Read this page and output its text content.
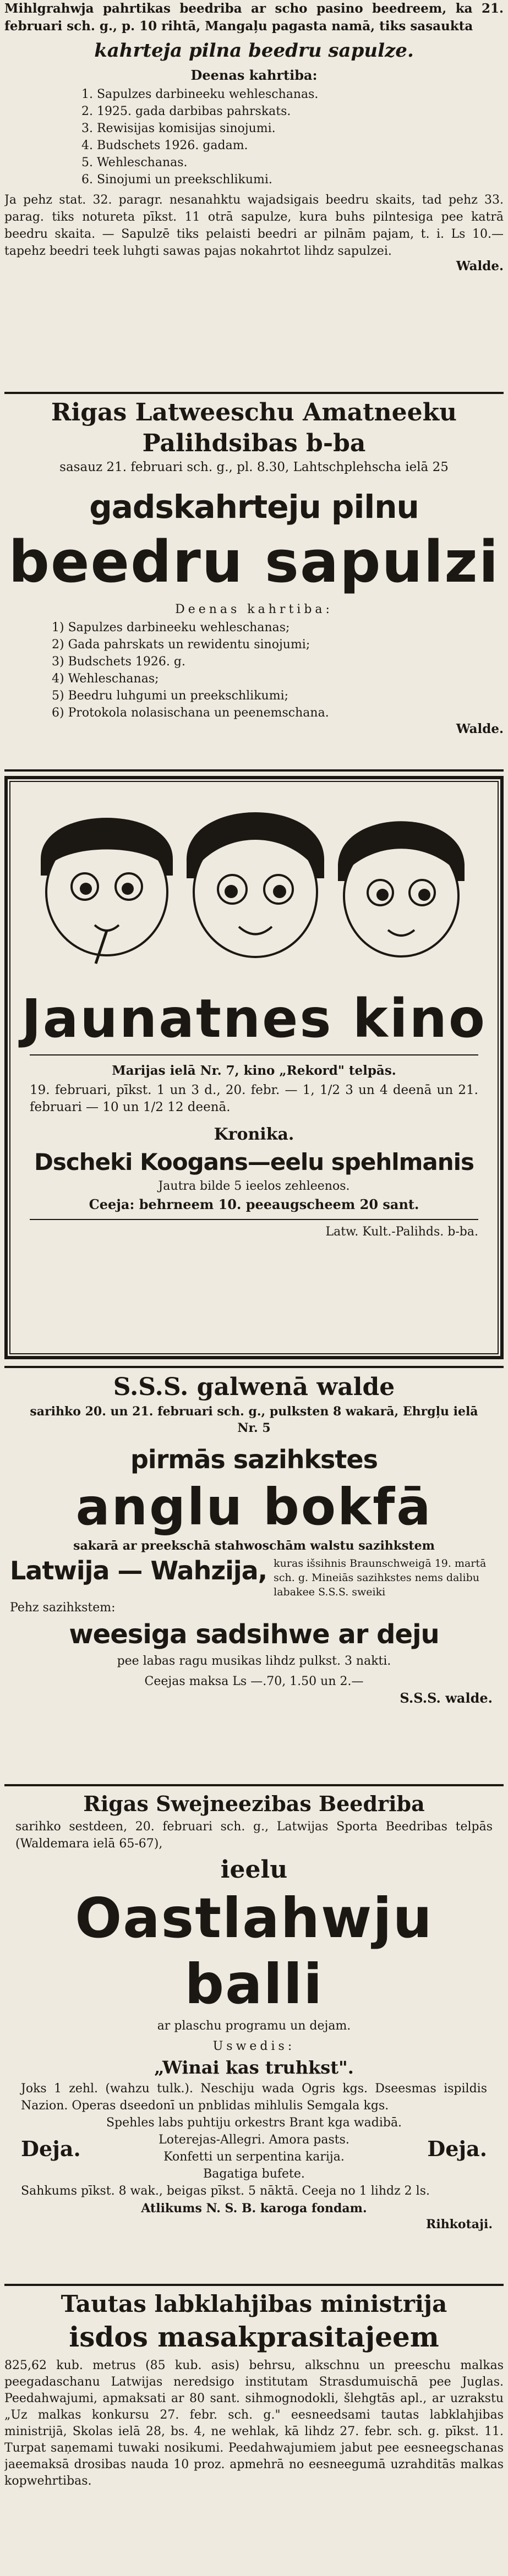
Mihlgrahwja pahrtikas beedriba ar scho pasino beedreem, ka 21. februari sch. g., p. 10 rihtā, Mangaļu pagasta namā, tiks sasaukta
kahrteja pilna beedru sapulze.
Deenas kahrtiba:
1. Sapulzes darbineeku wehleschanas.
2. 1925. gada darbibas pahrskats.
3. Rewisijas komisijas sinojumi.
4. Budschets 1926. gadam.
5. Wehleschanas.
6. Sinojumi un preekschlikumi.
Ja pehz stat. 32. paragr. nesanahktu wajadsigais beedru skaits, tad pehz 33. parag. tiks notureta pīkst. 11 otrā sapulze, kura buhs pilntesiga pee katrā beedru skaita. — Sapulzē tiks pelaisti beedri ar pilnām pajam, t. i. Ls 10.— tapehz beedri teek luhgti sawas pajas nokahrtot lihdz sapulzei.
Walde.
Rigas Latweeschu Amatneeku Palihdsibas b-ba
sasauz 21. februari sch. g., pl. 8.30, Lahtschplehscha ielā 25
gadskahrteju pilnu
beedru sapulzi
Deenas kahrtiba:
1) Sapulzes darbineeku wehleschanas;
2) Gada pahrskats un rewidentu sinojumi;
3) Budschets 1926. g.
4) Wehleschanas;
5) Beedru luhgumi un preekschlikumi;
6) Protokola nolasischana un peenemschana.
Walde.
Jaunatnes kino
Marijas ielā Nr. 7, kino „Rekord" telpās.
19. februari, pīkst. 1 un 3 d., 20. febr. — 1, 1/2 3 un 4 deenā un 21. februari — 10 un 1/2 12 deenā.
Kronika.
Dscheki Koogans—eelu spehlmanis
Jautra bilde 5 ieelos zehleenos.
Ceeja: behrneem 10. peeaugscheem 20 sant.
Latw. Kult.-Palihds. b-ba.
S.S.S. galwenā walde
sarihko 20. un 21. februari sch. g., pulksten 8 wakarā, Ehrgļu ielā Nr. 5
pirmās sazihkstes
anglu bokfā
sakarā ar preekschā stahwoschām walstu sazihkstem
Latwija — Wahzija, kuras išsihnis Braunschweigā 19. martā sch. g. Mineiās sazihkstes nems dalibu labakee S.S.S. sweiki
Pehz sazihkstem:
weesiga sadsihwe ar deju
pee labas ragu musikas lihdz pulkst. 3 nakti.
Ceejas maksa Ls —.70, 1.50 un 2.—
S.S.S. walde.
Rigas Swejneezibas Beedriba
sarihko sestdeen, 20. februari sch. g., Latwijas Sporta Beedribas telpās (Waldemara ielā 65-67),
ieelu
Oastlahwju balli
ar plaschu programu un dejam.
Uswedis:
„Winai kas truhkst".
Joks 1 zehl. (wahzu tulk.). Neschiju wada Ogris kgs. Dseesmas ispildis Nazion. Operas dseedonī un pnblidas mihlulis Semgala kgs.
Spehles labs puhtiju orkestrs Brant kga wadibā.
Deja.	Loterejas-Allegri. Amora pasts.
Konfetti un serpentina karija.	Deja.
Bagatiga bufete.
Sahkums pīkst. 8 wak., beigas pīkst. 5 nāktā. Ceeja no 1 lihdz 2 ls.
Atlikums N. S. B. karoga fondam.
Rihkotaji.
Tautas labklahjibas ministrija
isdos masakprasitajeem
825,62 kub. metrus (85 kub. asis) behrsu, alkschnu un preeschu malkas peegadaschanu Latwijas neredsigo institutam Strasdumuischā pee Juglas. Peedahwajumi, apmaksati ar 80 sant. sihmognodokli, šlehgtās apl., ar uzrakstu „Uz malkas konkursu 27. febr. sch. g." eesneedsami tautas labklahjibas ministrijā, Skolas ielā 28, bs. 4, ne wehlak, kā lihdz 27. febr. sch. g. pīkst. 11. Turpat saņemami tuwaki nosikumi. Peedahwajumiem jabut pee eesneegschanas jaeemaksā drosibas nauda 10 proz. apmehrā no eesneegumā uzrahditās malkas kopwehrtibas.
